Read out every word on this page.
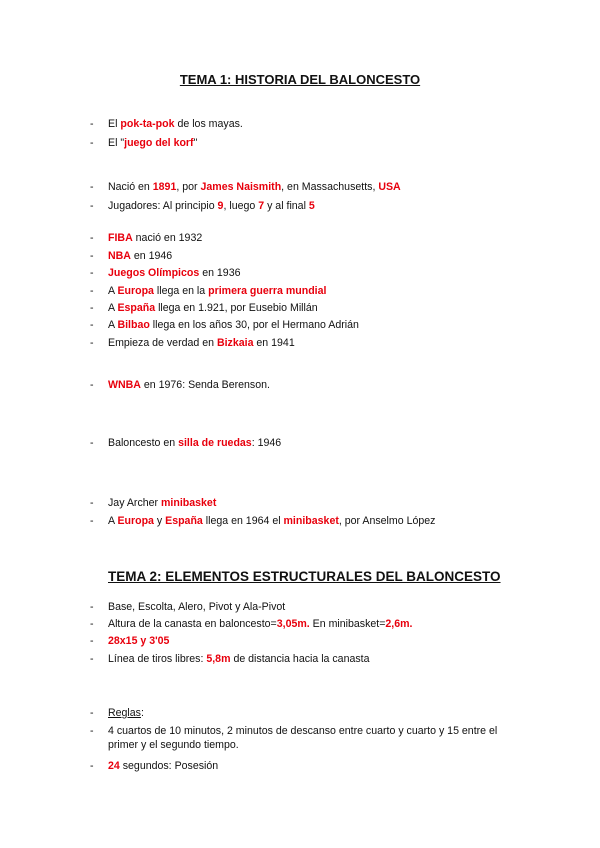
TEMA 1: HISTORIA DEL BALONCESTO
- El pok-ta-pok de los mayas.
- El "juego del korf"
- Nació en 1891, por James Naismith, en Massachusetts, USA
- Jugadores: Al principio 9, luego 7 y al final 5
- FIBA nació en 1932
- NBA en 1946
- Juegos Olímpicos en 1936
- A Europa llega en la primera guerra mundial
- A España llega en 1.921, por Eusebio Millán
- A Bilbao llega en los años 30, por el Hermano Adrián
- Empieza de verdad en Bizkaia en 1941
- WNBA en 1976: Senda Berenson.
- Baloncesto en silla de ruedas: 1946
- Jay Archer minibasket
- A Europa y España llega en 1964 el minibasket, por Anselmo López
TEMA 2: ELEMENTOS ESTRUCTURALES DEL BALONCESTO
- Base, Escolta, Alero, Pivot y Ala-Pivot
- Altura de la canasta en baloncesto=3,05m. En minibasket=2,6m.
- 28x15 y 3'05
- Línea de tiros libres: 5,8m de distancia hacia la canasta
- Reglas:
- 4 cuartos de 10 minutos, 2 minutos de descanso entre cuarto y cuarto y 15 entre el primer y el segundo tiempo.
- 24 segundos: Posesión
